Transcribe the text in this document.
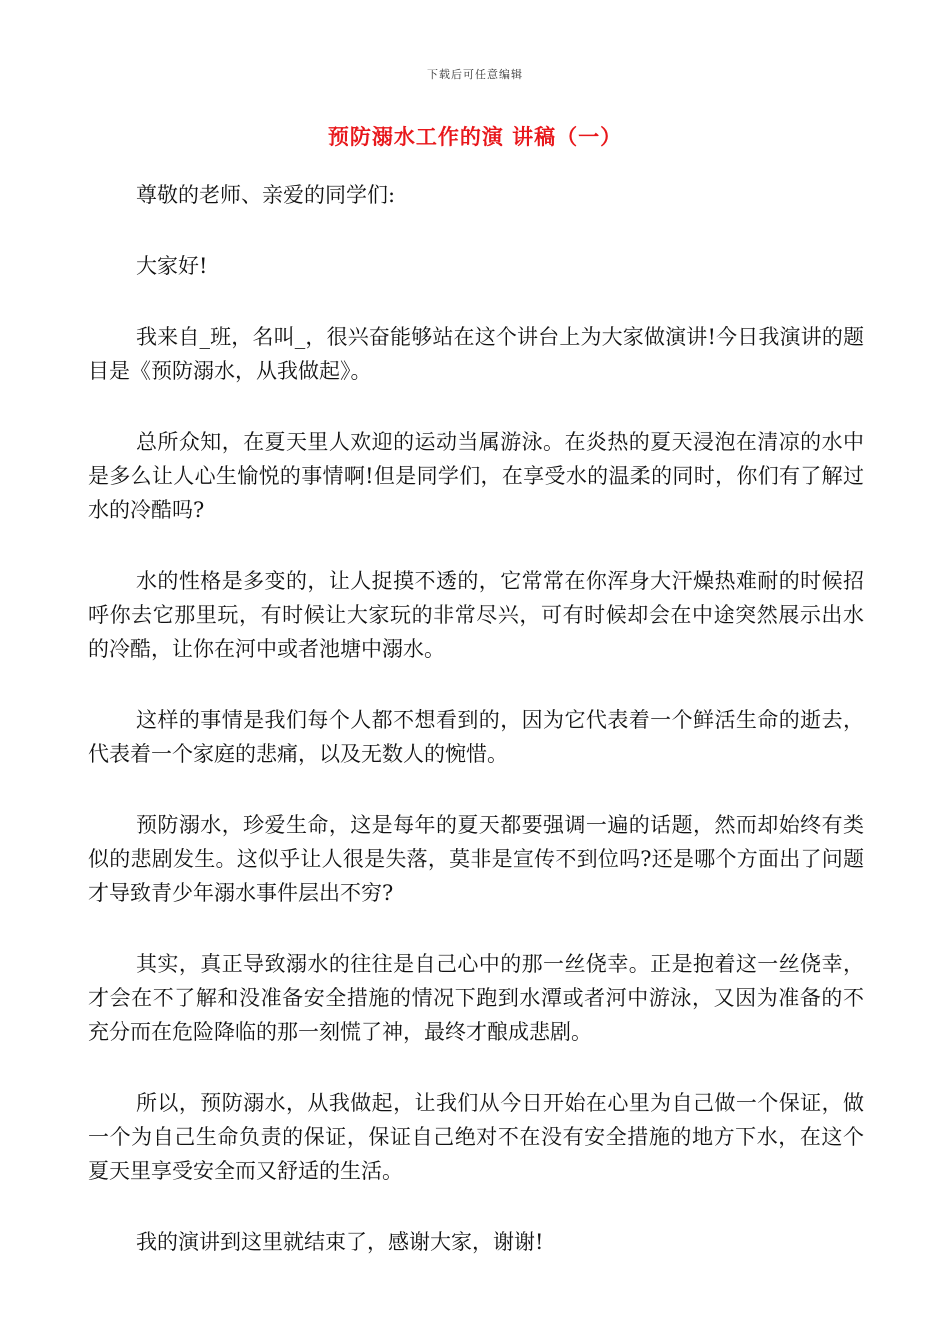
下载后可任意编辑
预防溺水工作的演 讲稿（一）

尊敬的老师、亲爱的同学们:

大家好!

我来自_班，名叫_，很兴奋能够站在这个讲台上为大家做演讲!今日我演讲的题目是《预防溺水，从我做起》。

总所众知，在夏天里人欢迎的运动当属游泳。在炎热的夏天浸泡在清凉的水中是多么让人心生愉悦的事情啊!但是同学们，在享受水的温柔的同时，你们有了解过水的冷酷吗?

水的性格是多变的，让人捉摸不透的，它常常在你浑身大汗燥热难耐的时候招呼你去它那里玩，有时候让大家玩的非常尽兴，可有时候却会在中途突然展示出水的冷酷，让你在河中或者池塘中溺水。

这样的事情是我们每个人都不想看到的，因为它代表着一个鲜活生命的逝去，代表着一个家庭的悲痛，以及无数人的惋惜。

预防溺水，珍爱生命，这是每年的夏天都要强调一遍的话题，然而却始终有类似的悲剧发生。这似乎让人很是失落，莫非是宣传不到位吗?还是哪个方面出了问题才导致青少年溺水事件层出不穷?

其实，真正导致溺水的往往是自己心中的那一丝侥幸。正是抱着这一丝侥幸，才会在不了解和没准备安全措施的情况下跑到水潭或者河中游泳，又因为准备的不充分而在危险降临的那一刻慌了神，最终才酿成悲剧。

所以，预防溺水，从我做起，让我们从今日开始在心里为自己做一个保证，做一个为自己生命负责的保证，保证自己绝对不在没有安全措施的地方下水，在这个夏天里享受安全而又舒适的生活。

我的演讲到这里就结束了，感谢大家，谢谢!
